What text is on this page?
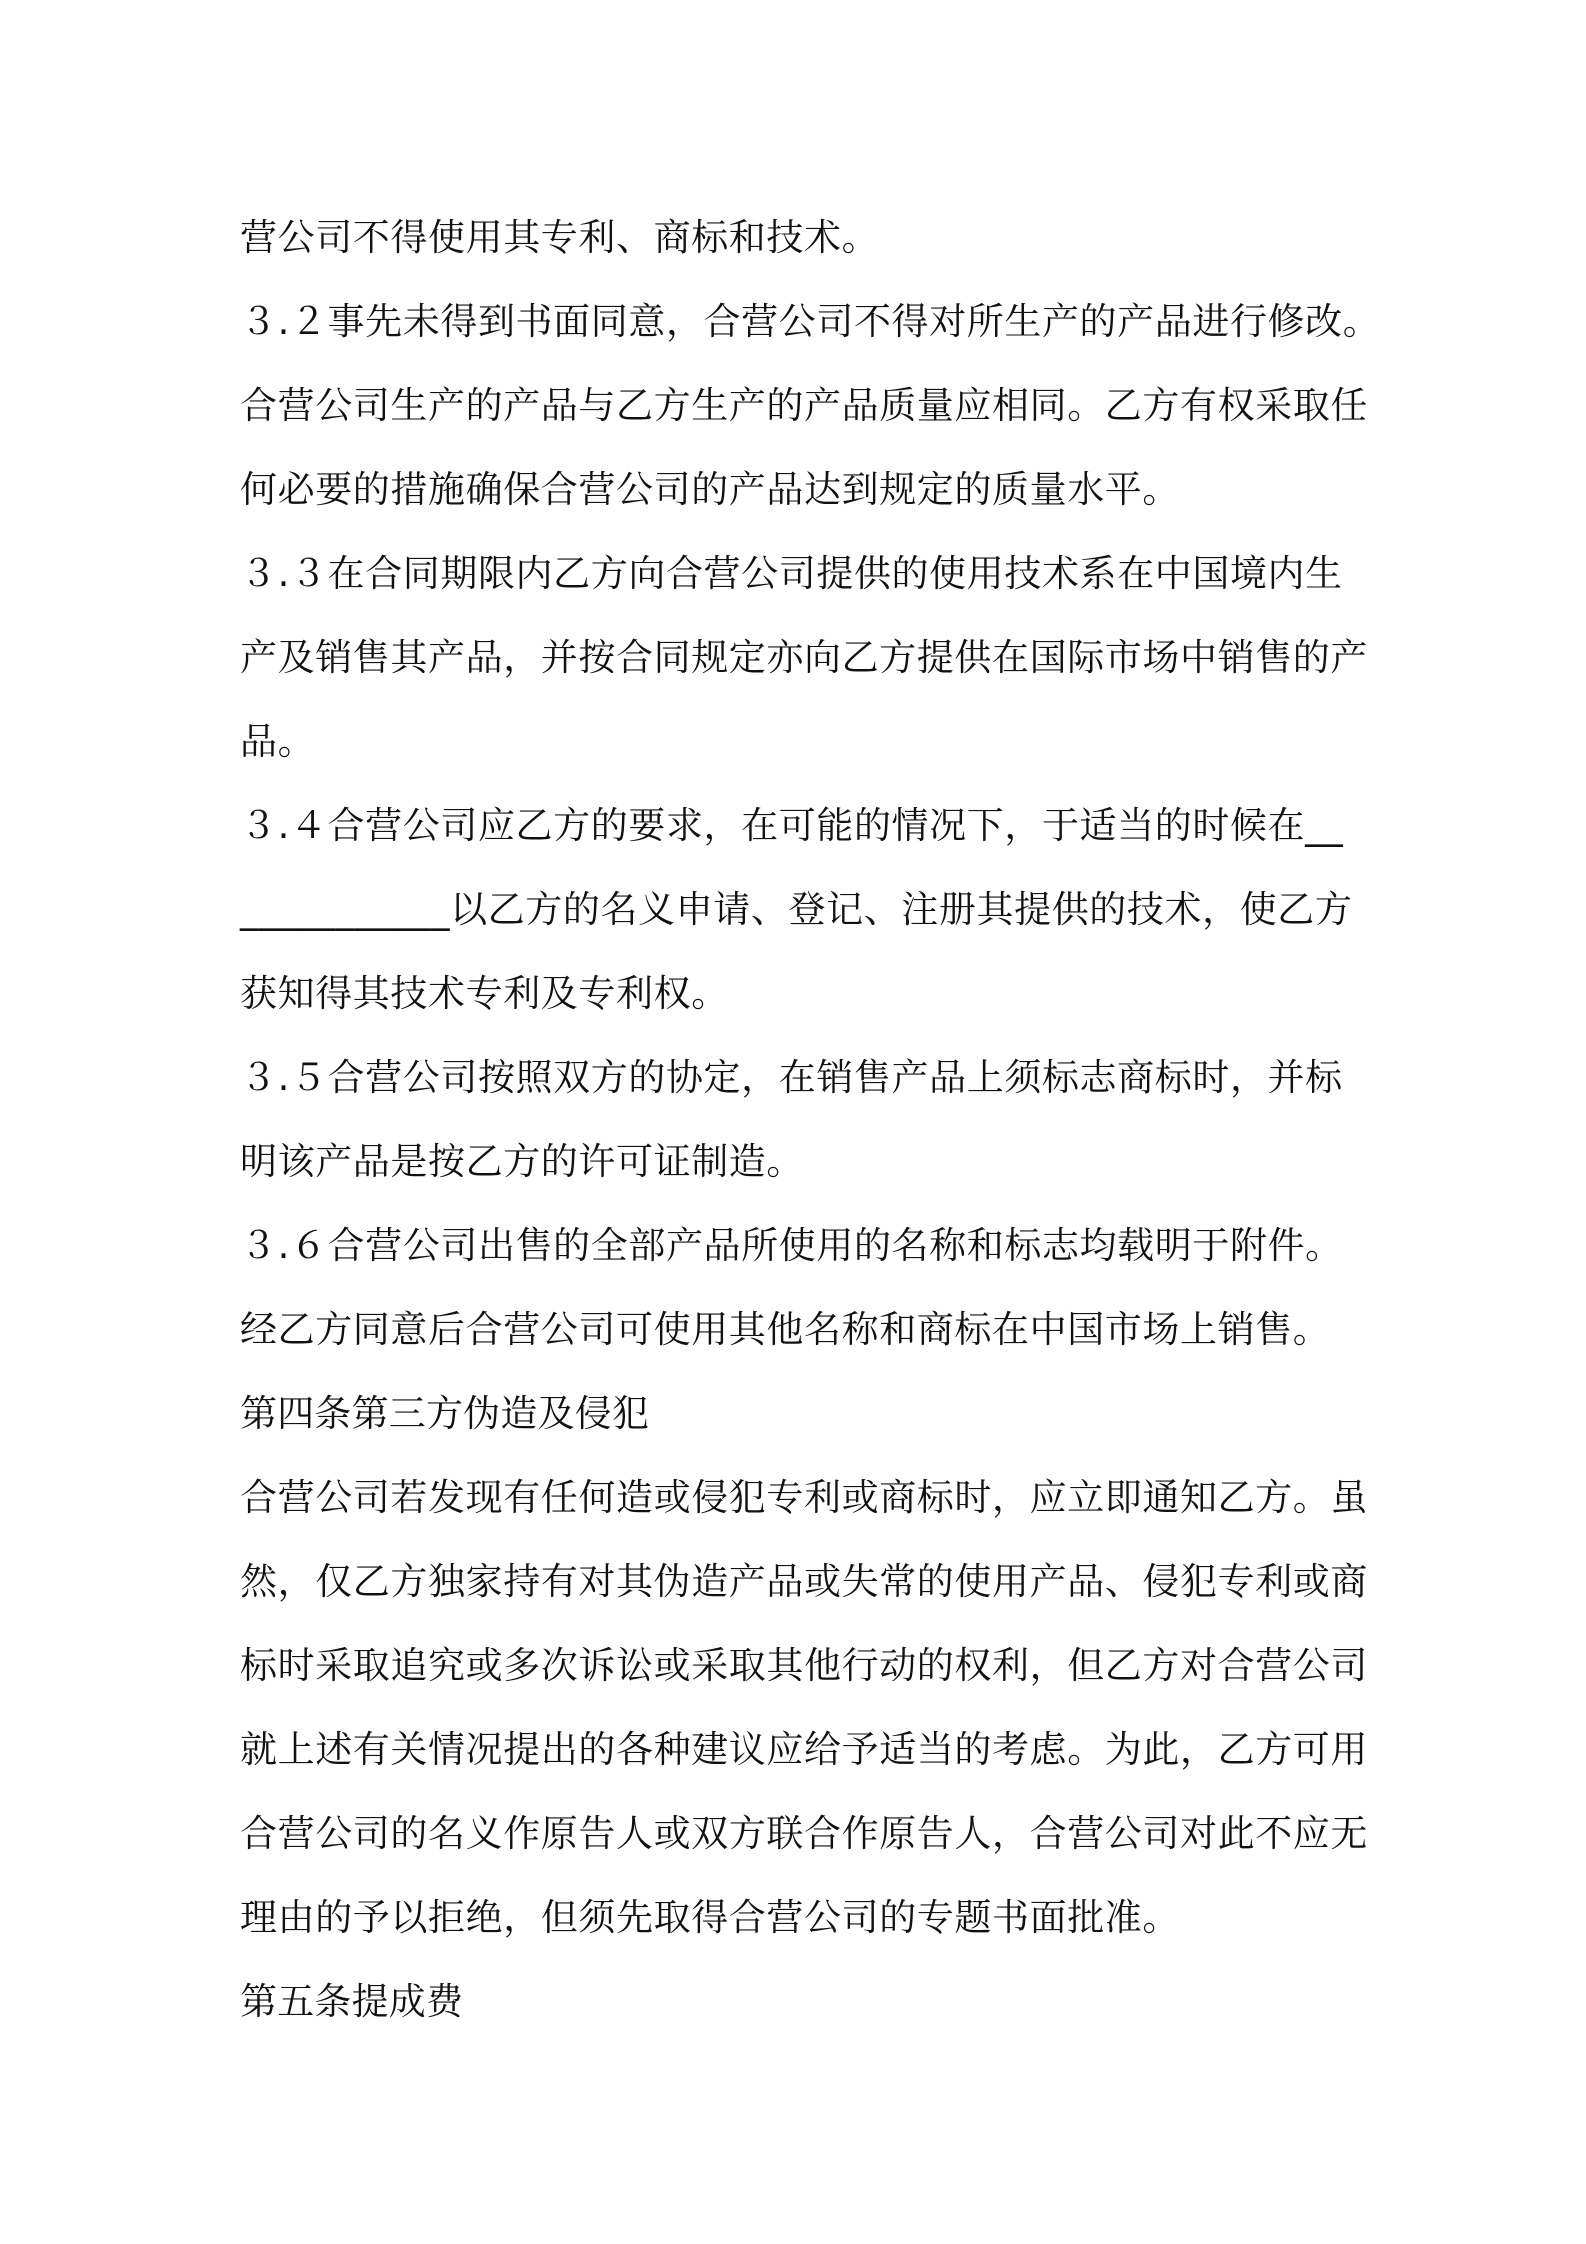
营公司不得使用其专利、商标和技术。
３.２事先未得到书面同意，合营公司不得对所生产的产品进行修改。
合营公司生产的产品与乙方生产的产品质量应相同。乙方有权采取任
何必要的措施确保合营公司的产品达到规定的质量水平。
３.３在合同期限内乙方向合营公司提供的使用技术系在中国境内生
产及销售其产品，并按合同规定亦向乙方提供在国际市场中销售的产
品。
３.４合营公司应乙方的要求，在可能的情况下，于适当的时候在__
___________以乙方的名义申请、登记、注册其提供的技术，使乙方
获知得其技术专利及专利权。
３.５合营公司按照双方的协定，在销售产品上须标志商标时，并标
明该产品是按乙方的许可证制造。
３.６合营公司出售的全部产品所使用的名称和标志均载明于附件。
经乙方同意后合营公司可使用其他名称和商标在中国市场上销售。
第四条第三方伪造及侵犯
合营公司若发现有任何造或侵犯专利或商标时，应立即通知乙方。虽
然，仅乙方独家持有对其伪造产品或失常的使用产品、侵犯专利或商
标时采取追究或多次诉讼或采取其他行动的权利，但乙方对合营公司
就上述有关情况提出的各种建议应给予适当的考虑。为此，乙方可用
合营公司的名义作原告人或双方联合作原告人，合营公司对此不应无
理由的予以拒绝，但须先取得合营公司的专题书面批准。
第五条提成费
